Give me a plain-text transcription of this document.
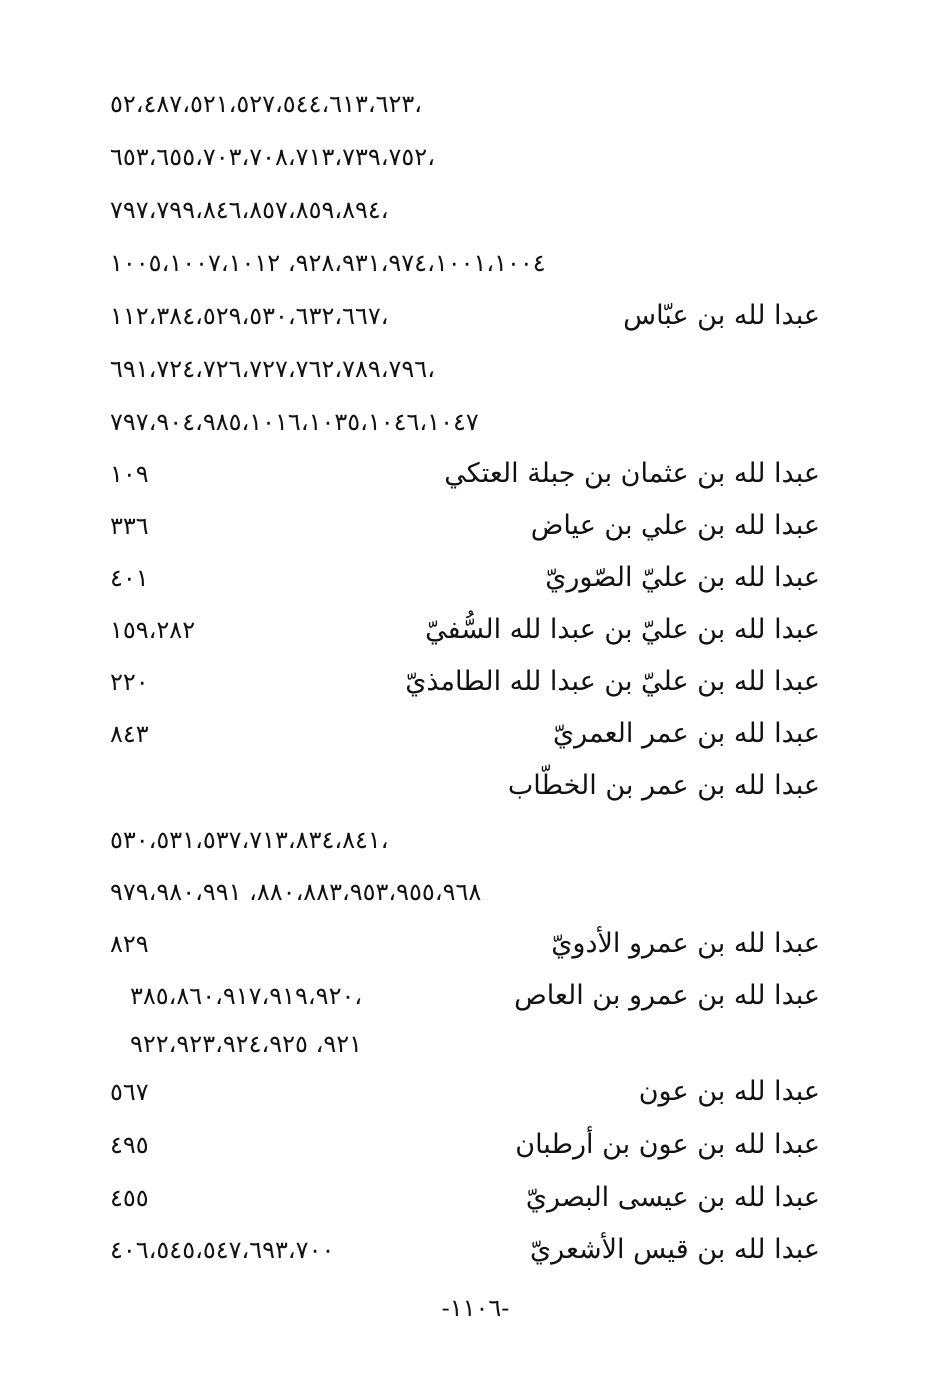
٥٢،٤٨٧،٥٢١،٥٢٧،٥٤٤،٦١٣،٦٢٣،
٦٥٣،٦٥٥،٧٠٣،٧٠٨،٧١٣،٧٣٩،٧٥٢،
٧٩٧،٧٩٩،٨٤٦،٨٥٧،٨٥٩،٨٩٤،
٩٢٨،٩٣١،٩٧٤،١٠٠١،١٠٠٤، ١٠٠٥،١٠٠٧،١٠١٢
عبدا لله بن عبّاس
١١٢،٣٨٤،٥٢٩،٥٣٠،٦٣٢،٦٦٧،
٦٩١،٧٢٤،٧٢٦،٧٢٧،٧٦٢،٧٨٩،٧٩٦،
٧٩٧،٩٠٤،٩٨٥،١٠١٦،١٠٣٥،١٠٤٦،١٠٤٧
عبدا لله بن عثمان بن جبلة العتكي
١٠٩
عبدا لله بن علي بن عياض
٣٣٦
عبدا لله بن عليّ الصّوريّ
٤٠١
عبدا لله بن عليّ بن عبدا لله السُّفيّ
١٥٩،٢٨٢
عبدا لله بن عليّ بن عبدا لله الطامذيّ
٢٢٠
عبدا لله بن عمر العمريّ
٨٤٣
عبدا لله بن عمر بن الخطّاب
٥٣٠،٥٣١،٥٣٧،٧١٣،٨٣٤،٨٤١،
٨٨٠،٨٨٣،٩٥٣،٩٥٥،٩٦٨، ٩٧٩،٩٨٠،٩٩١
عبدا لله بن عمرو الأدويّ
٨٢٩
عبدا لله بن عمرو بن العاص
٣٨٥،٨٦٠،٩١٧،٩١٩،٩٢٠،
٩٢١، ٩٢٢،٩٢٣،٩٢٤،٩٢٥
عبدا لله بن عون
٥٦٧
عبدا لله بن عون بن أرطبان
٤٩٥
عبدا لله بن عيسى البصريّ
٤٥٥
عبدا لله بن قيس الأشعريّ
٤٠٦،٥٤٥،٥٤٧،٦٩٣،٧٠٠
-١١٠٦-
